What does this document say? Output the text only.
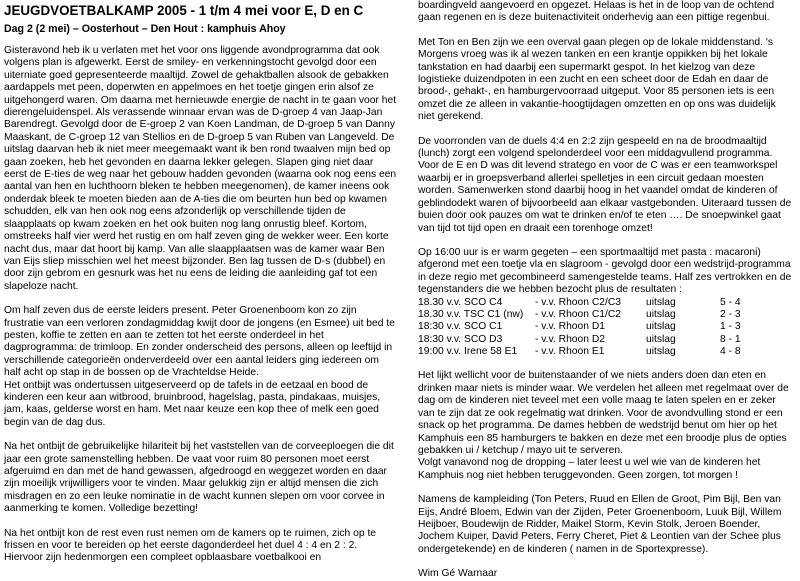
JEUGDVOETBALKAMP 2005 - 1 t/m 4 mei voor E, D en C
Dag 2 (2 mei) – Oosterhout – Den Hout : kamphuis Ahoy

Gisteravond heb ik u verlaten met het voor ons liggende avondprogramma dat ook volgens plan is afgewerkt. Eerst de smiley- en verkenningstocht gevolgd door een uiterniate goed gepresenteerde maaltijd. Zowel de gehaktballen alsook de gebakken aardappels met peen, doperwten en appelmoes en het toetje gingen erin alsof ze uitgehongerd waren. Om daarna met hernieuwde energie de nacht in te gaan voor het dierengeluidenspel. Als verassende winnaar ervan was de D-groep 4 van Jaap-Jan Barendregt. Gevolgd door de E-groep 2 van Koen Landman, de D-groep 5 van Danny Maaskant, de C-groep 12 van Stellios en de D-groep 5 van Ruben van Langeveld. De uitslag daarvan heb ik niet meer meegemaakt want ik ben rond twaalven mijn bed op gaan zoeken, heb het gevonden en daarna lekker gelegen. Slapen ging niet daar eerst de E-ties de weg naar het gebouw hadden gevonden (waarna ook nog eens een aantal van hen en luchthoorn bleken te hebben meegenomen), de kamer ineens ook onderdak bleek te moeten bieden aan de A-ties die om beurten hun bed op kwamen schudden, elk van hen ook nog eens afzonderlijk op verschillende tijden de slaapplaats op kwam zoeken en het ook buiten nog lang onrustig bleef. Kortom, omstreeks half vier werd het rustig en om half zeven ging de wekker weer. Een korte nacht dus, maar dat hoort bij kamp. Van alle slaapplaatsen was de kamer waar Ben van Eijs sliep misschien wel het meest bijzonder. Ben lag tussen de D-s (dubbel) en door zijn gebrom en gesnurk was het nu eens de leiding die aanleiding gaf tot een slapeloze nacht.

Om half zeven dus de eerste leiders present. Peter Groenenboom kon zo zijn frustratie van een verloren zondagmiddag kwijt door de jongens (en Esmee) uit bed te pesten, koffie te zetten en aan te zetten tot het eerste onderdeel in het dagprogramma: de trimloop. En zonder onderscheid des persons, alleen op leeftijd in verschillende categorieën onderverdeeld over een aantal leiders ging iedereen om half acht op stap in de bossen op de Vrachteldse Heide.
Het ontbijt was ondertussen uitgeserveerd op de tafels in de eetzaal en bood de kinderen een keur aan witbrood, bruinbrood, hagelslag, pasta, pindakaas, muisjes, jam, kaas, gelderse worst en ham. Met naar keuze een kop thee of melk een goed begin van de dag dus.

Na het ontbijt de gebruikelijke hilariteit bij het vaststellen van de corveeploegen die dit jaar een grote samenstelling hebben. De vaat voor ruim 80 personen moet eerst afgeruimd en dan met de hand gewassen, afgedroogd en weggezet worden en daar zijn moeilijk vrijwilligers voor te vinden. Maar gelukkig zijn er altijd mensen die zich misdragen en zo een leuke nominatie in de wacht kunnen slepen om voor corvee in aanmerking te komen. Volledige bezetting!

Na het ontbijt kon de rest even rust nemen om de kamers op te ruimen, zich op te frissen en voor te bereiden op het eerste dagonderdeel het duel 4 : 4 en 2 : 2. Hiervoor zijn hedenmorgen een compleet opblaasbare voetbalkooi en

boardingveld aangevoerd en opgezet. Helaas is het in de loop van de ochtend gaan regenen en is deze buitenactiviteit onderhevig aan een pittige regenbui.

Met Ton en Ben zijn we een overval gaan plegen op de lokale middenstand. 's Morgens vroeg was ik al wezen tanken en een krantje oppikken bij het lokale tankstation en had daarbij een supermarkt gespot. In het kielzog van deze logistieke duizendpoten in een zucht en een scheet door de Edah en daar de brood-, gehakt-, en hamburgervoorraad uitgeput. Voor 85 personen iets is een omzet die ze alleen in vakantie-hoogtijdagen omzetten en op ons was duidelijk niet gerekend.

De voorronden van de duels 4:4 en 2:2 zijn gespeeld en na de broodmaaltijd (lunch) zorgt een volgend spelonderdeel voor een middagvullend programma. Voor de E en D was dit levend stratego en voor de C was er een teamworkspel waarbij er in groepsverband allerlei spelletjes in een circuit gedaan moesten worden. Samenwerken stond daarbij hoog in het vaandel omdat de kinderen of geblindodekt waren of bijvoorbeeld aan elkaar vastgebonden. Uiteraard tussen de buien door ook pauzes om wat te drinken en/of te eten …. De snoepwinkel gaat van tijd tot tijd open en draait een torenhoge omzet!

Op 16:00 uur is er warm gegeten – een sportmaaltijd met pasta : macaroni) afgerond met een toetje vla en slagroom - gevolgd door een wedstrijd-programma in deze regio met gecombineerd samengestelde teams. Half zes vertrokken en de tegenstanders die we hebben bezocht plus de resultaten :

18.30 v.v. SCO C4	- v.v. Rhoon C2/C3	uitslag	5 - 4
18.30 v.v. TSC C1 (nw)	- v.v. Rhoon C1/C2	uitslag	2 - 3
18:30 v.v. SCO C1	- v.v. Rhoon D1	uitslag	1 - 3
18:30 v.v. SCO D3	- v.v. Rhoon D2	uitslag	8 - 1
19:00 v.v. Irene 58 E1	- v.v. Rhoon E1	uitslag	4 - 8

Het lijkt wellicht voor de buitenstaander of we niets anders doen dan eten en drinken maar niets is minder waar. We verdelen het alleen met regelmaat over de dag om de kinderen niet teveel met een volle maag te laten spelen en er zeker van te zijn dat ze ook regelmatig wat drinken. Voor de avondvulling stond er een snack op het programma. De dames hebben de wedstrijd benut om hier op het Kamphuis een 85 hamburgers te bakken en deze met een broodje plus de opties gebakken ui / ketchup / mayo uit te serveren.
Volgt vanavond nog de dropping – later leest u wel wie van de kinderen het Kamphuis nog niet hebben teruggevonden. Geen zorgen, tot morgen !

Namens de kampleiding (Ton Peters, Ruud en Ellen de Groot, Pim Bijl, Ben van Eijs, André Bloem, Edwin van der Zijden, Peter Groenenboom, Luuk Bijl, Willem Heijboer, Boudewijn de Ridder, Maikel Storm, Kevin Stolk, Jeroen Boender, Jochem Kuiper, David Peters, Ferry Cheret, Piet & Leontien van der Schee plus ondergetekende) en de kinderen ( namen in de Sportexpresse).

Wim Gé Warnaar
